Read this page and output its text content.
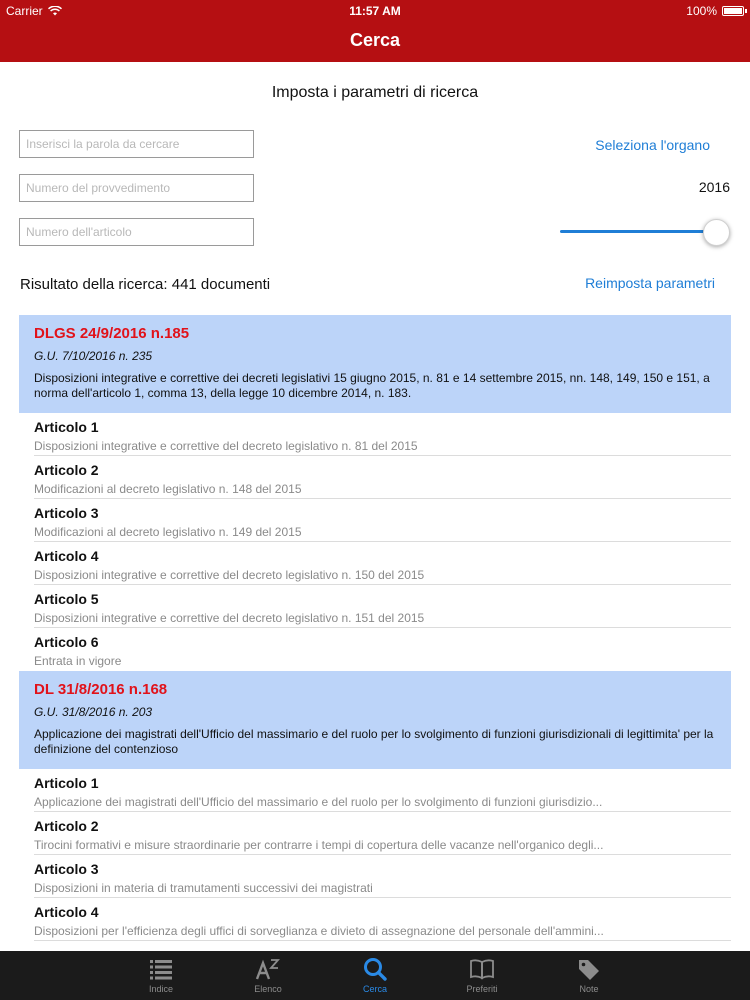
Carrier	11:57 AM	100%
Cerca
Imposta i parametri di ricerca
Inserisci la parola da cercare
Numero del provvedimento
Numero dell'articolo
Seleziona l'organo
2016
Risultato della ricerca: 441 documenti	Reimposta parametri
DLGS 24/9/2016 n.185
G.U. 7/10/2016 n. 235
Disposizioni integrative e correttive dei decreti legislativi 15 giugno 2015, n. 81 e 14 settembre 2015, nn. 148, 149, 150 e 151, a norma dell'articolo 1, comma 13, della legge 10 dicembre 2014, n. 183.
Articolo 1
Disposizioni integrative e correttive del decreto legislativo n. 81 del 2015
Articolo 2
Modificazioni al decreto legislativo n. 148 del 2015
Articolo 3
Modificazioni al decreto legislativo n. 149 del 2015
Articolo 4
Disposizioni integrative e correttive del decreto legislativo n. 150 del 2015
Articolo 5
Disposizioni integrative e correttive del decreto legislativo n. 151 del 2015
Articolo 6
Entrata in vigore
DL 31/8/2016 n.168
G.U. 31/8/2016 n. 203
Applicazione dei magistrati dell'Ufficio del massimario e del ruolo per lo svolgimento di funzioni giurisdizionali di legittimita' per la definizione del contenzioso
Articolo 1
Applicazione dei magistrati dell'Ufficio del massimario e del ruolo per lo svolgimento di funzioni giurisdizio...
Articolo 2
Tirocini formativi e misure straordinarie per contrarre i tempi di copertura delle vacanze nell'organico degli...
Articolo 3
Disposizioni in materia di tramutamenti successivi dei magistrati
Articolo 4
Disposizioni per l'efficienza degli uffici di sorveglianza e divieto di assegnazione del personale dell'ammini...
Indice	Elenco	Cerca	Preferiti	Note
